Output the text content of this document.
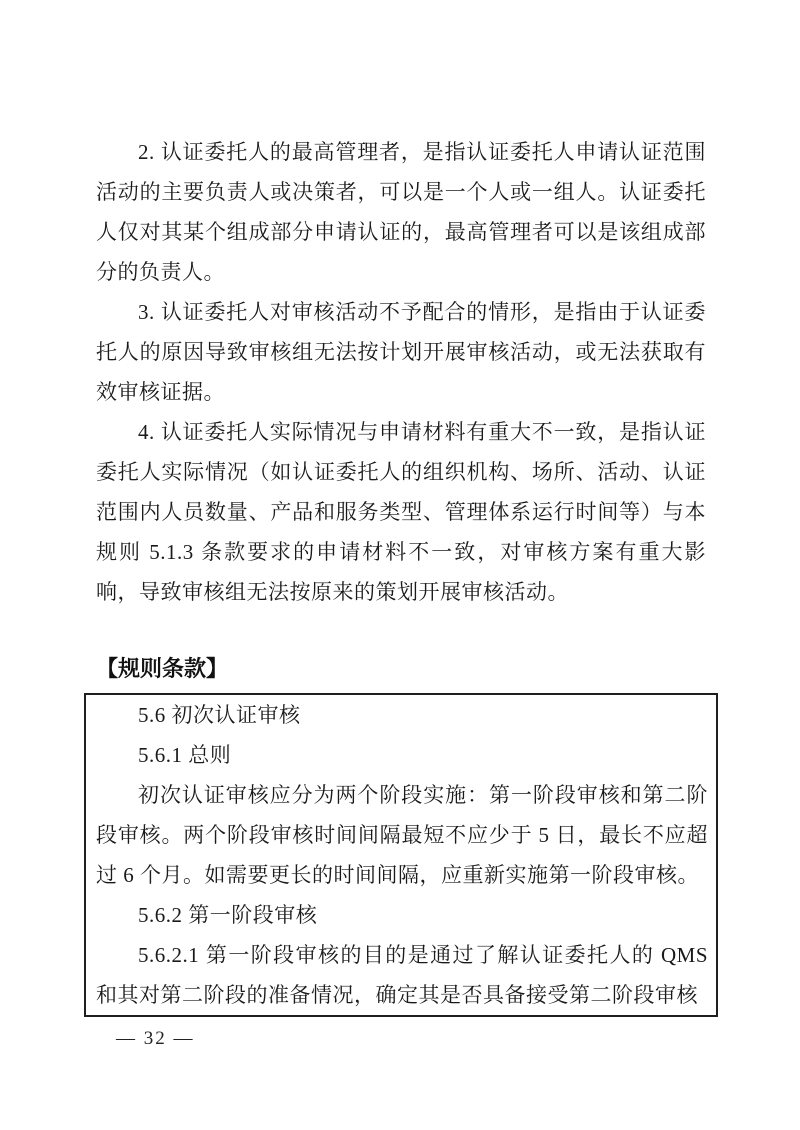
2. 认证委托人的最高管理者，是指认证委托人申请认证范围活动的主要负责人或决策者，可以是一个人或一组人。认证委托人仅对其某个组成部分申请认证的，最高管理者可以是该组成部分的负责人。

3. 认证委托人对审核活动不予配合的情形，是指由于认证委托人的原因导致审核组无法按计划开展审核活动，或无法获取有效审核证据。

4. 认证委托人实际情况与申请材料有重大不一致，是指认证委托人实际情况（如认证委托人的组织机构、场所、活动、认证范围内人员数量、产品和服务类型、管理体系运行时间等）与本规则 5.1.3 条款要求的申请材料不一致，对审核方案有重大影响，导致审核组无法按原来的策划开展审核活动。

【规则条款】

5.6 初次认证审核

5.6.1 总则

初次认证审核应分为两个阶段实施：第一阶段审核和第二阶段审核。两个阶段审核时间间隔最短不应少于 5 日，最长不应超过 6 个月。如需要更长的时间间隔，应重新实施第一阶段审核。

5.6.2 第一阶段审核

5.6.2.1 第一阶段审核的目的是通过了解认证委托人的 QMS 和其对第二阶段的准备情况，确定其是否具备接受第二阶段审核

— 32 —
